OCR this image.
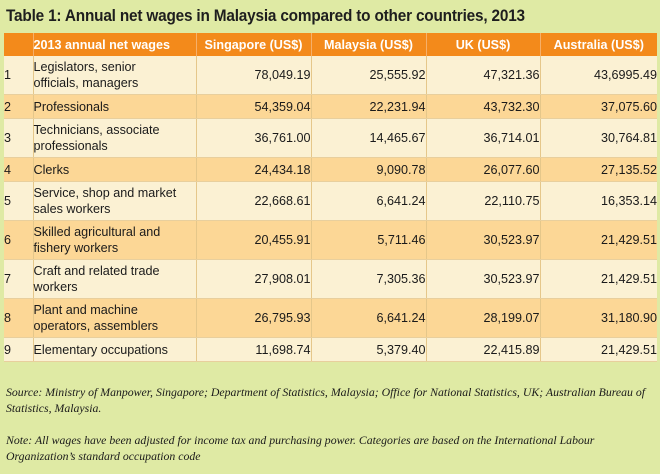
Table 1: Annual net wages in Malaysia compared to other countries, 2013
	2013 annual net wages	Singapore (US$)	Malaysia (US$)	UK (US$)	Australia (US$)
1	Legislators, senior
officials, managers	78,049.19	25,555.92	47,321.36	43,6995.49
2	Professionals	54,359.04	22,231.94	43,732.30	37,075.60
3	Technicians, associate
professionals	36,761.00	14,465.67	36,714.01	30,764.81
4	Clerks	24,434.18	9,090.78	26,077.60	27,135.52
5	Service, shop and market
sales workers	22,668.61	6,641.24	22,110.75	16,353.14
6	Skilled agricultural and
fishery workers	20,455.91	5,711.46	30,523.97	21,429.51
7	Craft and related trade
workers	27,908.01	7,305.36	30,523.97	21,429.51
8	Plant and machine
operators, assemblers	26,795.93	6,641.24	28,199.07	31,180.90
9	Elementary occupations	11,698.74	5,379.40	22,415.89	21,429.51
Source: Ministry of Manpower, Singapore; Department of Statistics, Malaysia; Office for National Statistics, UK; Australian Bureau of Statistics, Malaysia.
Note: All wages have been adjusted for income tax and purchasing power. Categories are based on the International Labour Organization’s standard occupation code
